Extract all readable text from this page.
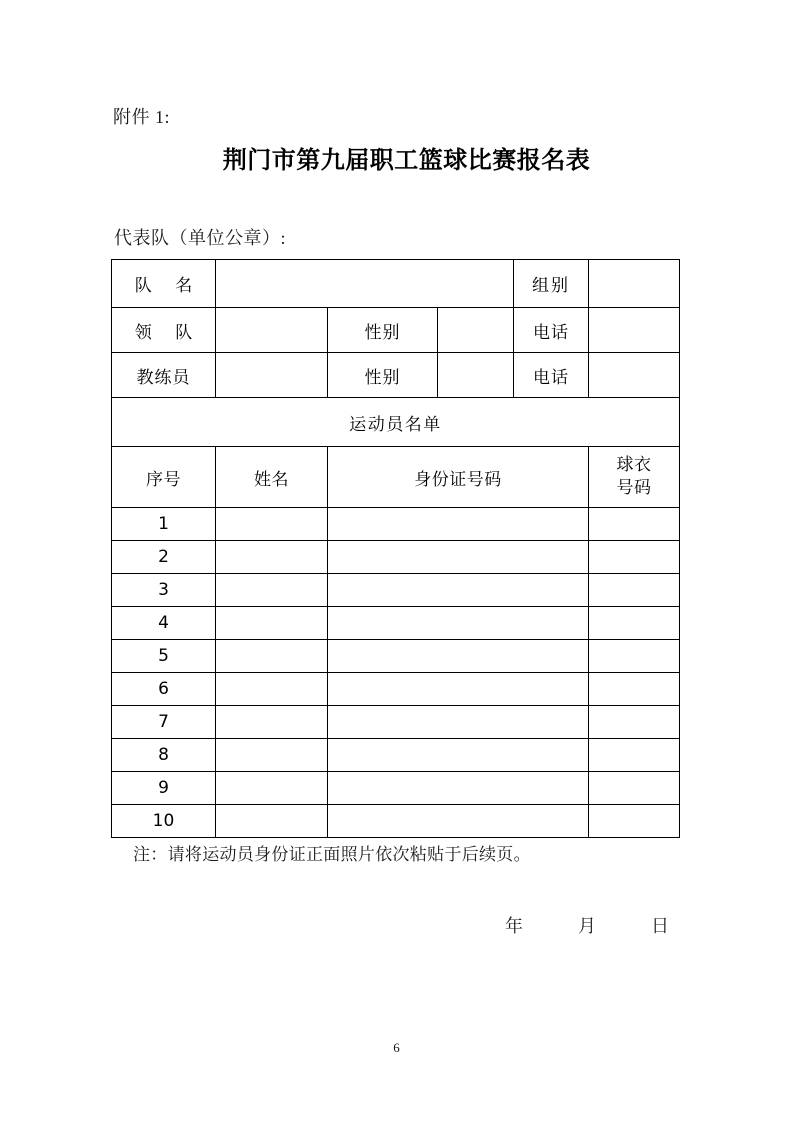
附件 1:
荆门市第九届职工篮球比赛报名表
代表队（单位公章）:
队 名				组别	
领 队		性别		电话	
教练员		性别		电话	
运动员名单					
序号	姓名	身份证号码			球衣
号码

1					
2					
3					
4					
5					
6					
7					
8					
9					
10					
注：请将运动员身份证正面照片依次粘贴于后续页。
年	月	日
6
